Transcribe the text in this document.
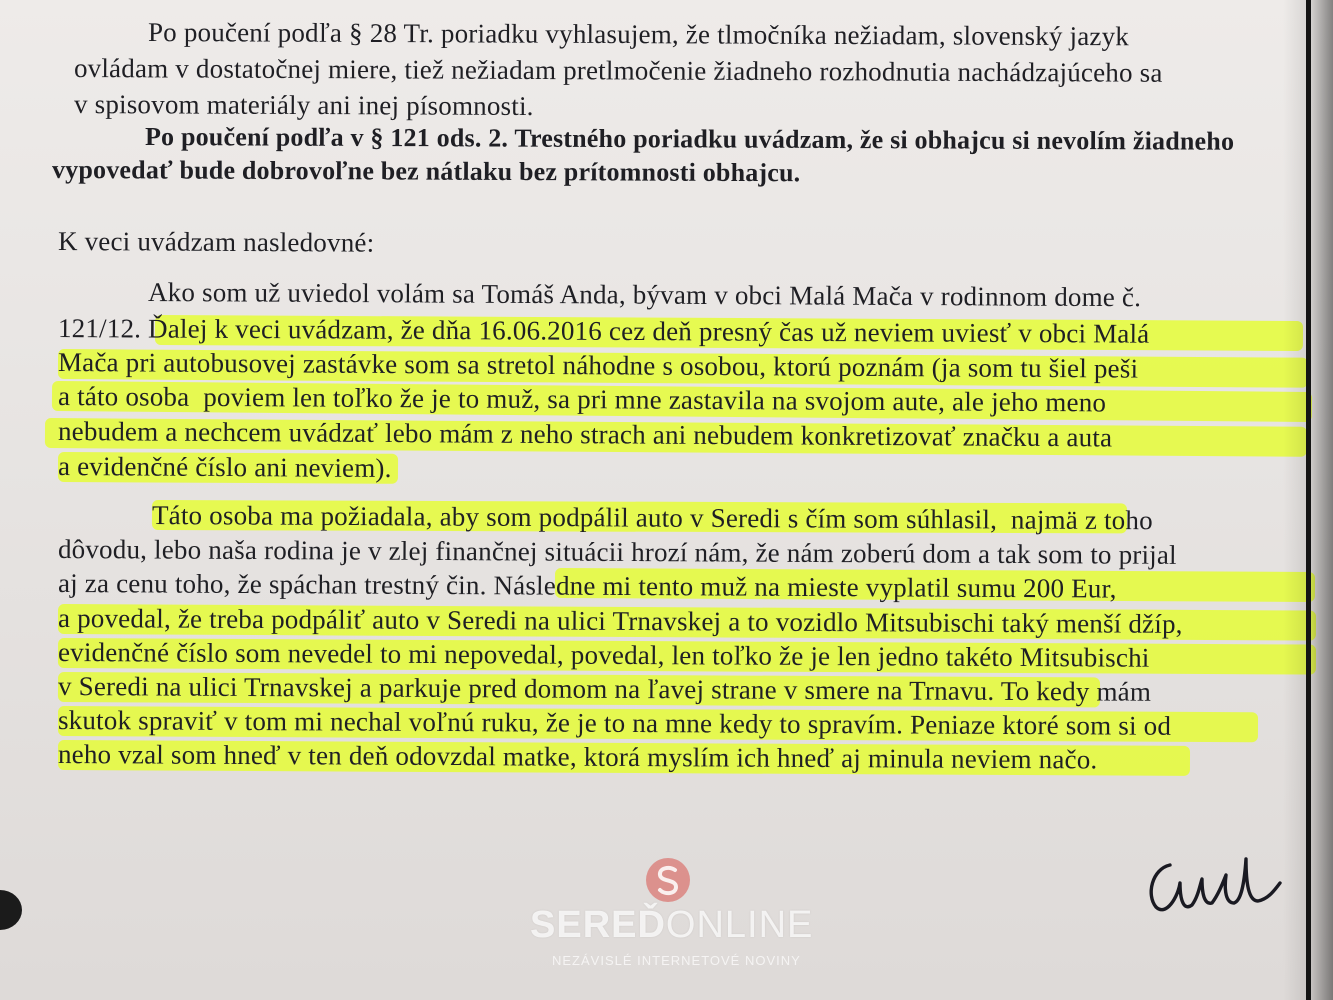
Po poučení podľa § 28 Tr. poriadku vyhlasujem, že tlmočníka nežiadam, slovenský jazyk
ovládam v dostatočnej miere, tiež nežiadam pretlmočenie žiadneho rozhodnutia nachádzajúceho sa
v spisovom materiály ani inej písomnosti.
Po poučení podľa v § 121 ods. 2. Trestného poriadku uvádzam, že si obhajcu si nevolím žiadneho
vypovedať bude dobrovoľne bez nátlaku bez prítomnosti obhajcu.
K veci uvádzam nasledovné:
Ako som už uviedol volám sa Tomáš Anda, bývam v obci Malá Mača v rodinnom dome č.
121/12. Ďalej k veci uvádzam, že dňa 16.06.2016 cez deň presný čas už neviem uviesť v obci Malá
Mača pri autobusovej zastávke som sa stretol náhodne s osobou, ktorú poznám (ja som tu šiel peši
a táto osoba  poviem len toľko že je to muž, sa pri mne zastavila na svojom aute, ale jeho meno
nebudem a nechcem uvádzať lebo mám z neho strach ani nebudem konkretizovať značku a auta
a evidenčné číslo ani neviem).
Táto osoba ma požiadala, aby som podpálil auto v Seredi s čím som súhlasil,  najmä z toho
dôvodu, lebo naša rodina je v zlej finančnej situácii hrozí nám, že nám zoberú dom a tak som to prijal
aj za cenu toho, že spáchan trestný čin. Následne mi tento muž na mieste vyplatil sumu 200 Eur,
a povedal, že treba podpáliť auto v Seredi na ulici Trnavskej a to vozidlo Mitsubischi taký menší džíp,
evidenčné číslo som nevedel to mi nepovedal, povedal, len toľko že je len jedno takéto Mitsubischi
v Seredi na ulici Trnavskej a parkuje pred domom na ľavej strane v smere na Trnavu. To kedy mám
skutok spraviť v tom mi nechal voľnú ruku, že je to na mne kedy to spravím. Peniaze ktoré som si od
neho vzal som hneď v ten deň odovzdal matke, ktorá myslím ich hneď aj minula neviem načo.
SEREĎONLINE
NEZÁVISLÉ INTERNETOVÉ NOVINY
